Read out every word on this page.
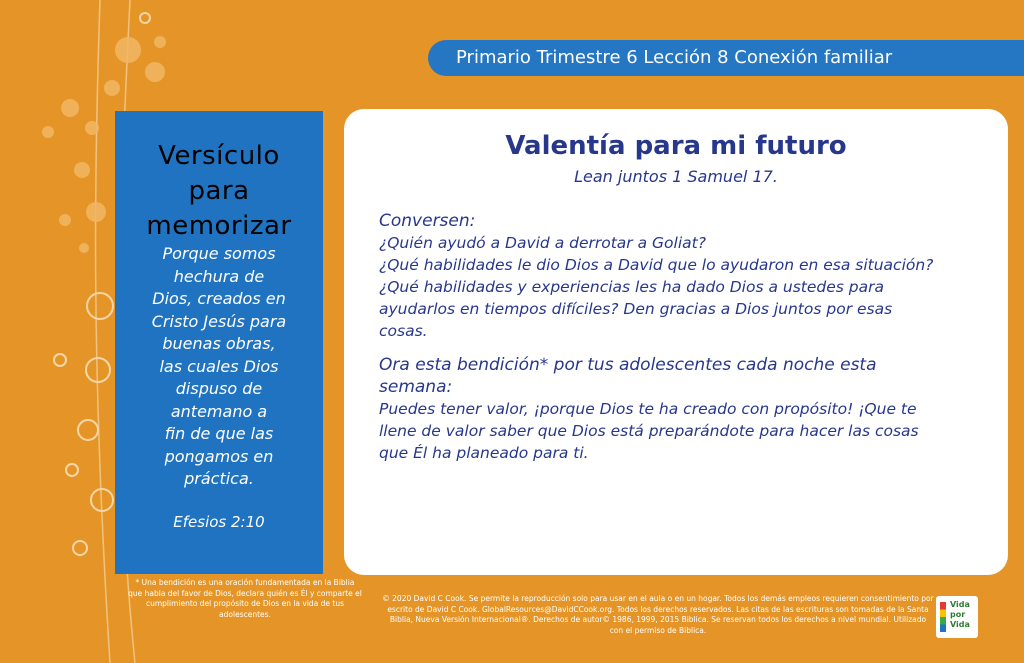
Primario Trimestre 6 Lección 8 Conexión familiar
Versículo
para
memorizar
Porque somos
hechura de
Dios, creados en
Cristo Jesús para
buenas obras,
las cuales Dios
dispuso de
antemano a
fin de que las
pongamos en
práctica.
Efesios 2:10
* Una bendición es una oración fundamentada en la Biblia que habla del favor de Dios, declara quién es Él y comparte el cumplimiento del propósito de Dios en la vida de tus adolescentes.
Valentía para mi futuro
Lean juntos 1 Samuel 17.
Conversen:
¿Quién ayudó a David a derrotar a Goliat?
¿Qué habilidades le dio Dios a David que lo ayudaron en esa situación?
¿Qué habilidades y experiencias les ha dado Dios a ustedes para
ayudarlos en tiempos difíciles? Den gracias a Dios juntos por esas
cosas.
Ora esta bendición* por tus adolescentes cada noche esta
semana:
Puedes tener valor, ¡porque Dios te ha creado con propósito! ¡Que te
llene de valor saber que Dios está preparándote para hacer las cosas
que Él ha planeado para ti.
© 2020 David C Cook. Se permite la reproducción solo para usar en el aula o en un hogar. Todos los demás empleos requieren consentimiento por escrito de David C Cook. GlobalResources@DavidCCook.org. Todos los derechos reservados. Las citas de las escrituras son tomadas de la Santa Biblia, Nueva Versión Internacional®. Derechos de autor© 1986, 1999, 2015 Biblica. Se reservan todos los derechos a nivel mundial. Utilizado con el permiso de Biblica.
Vida
por
Vida
